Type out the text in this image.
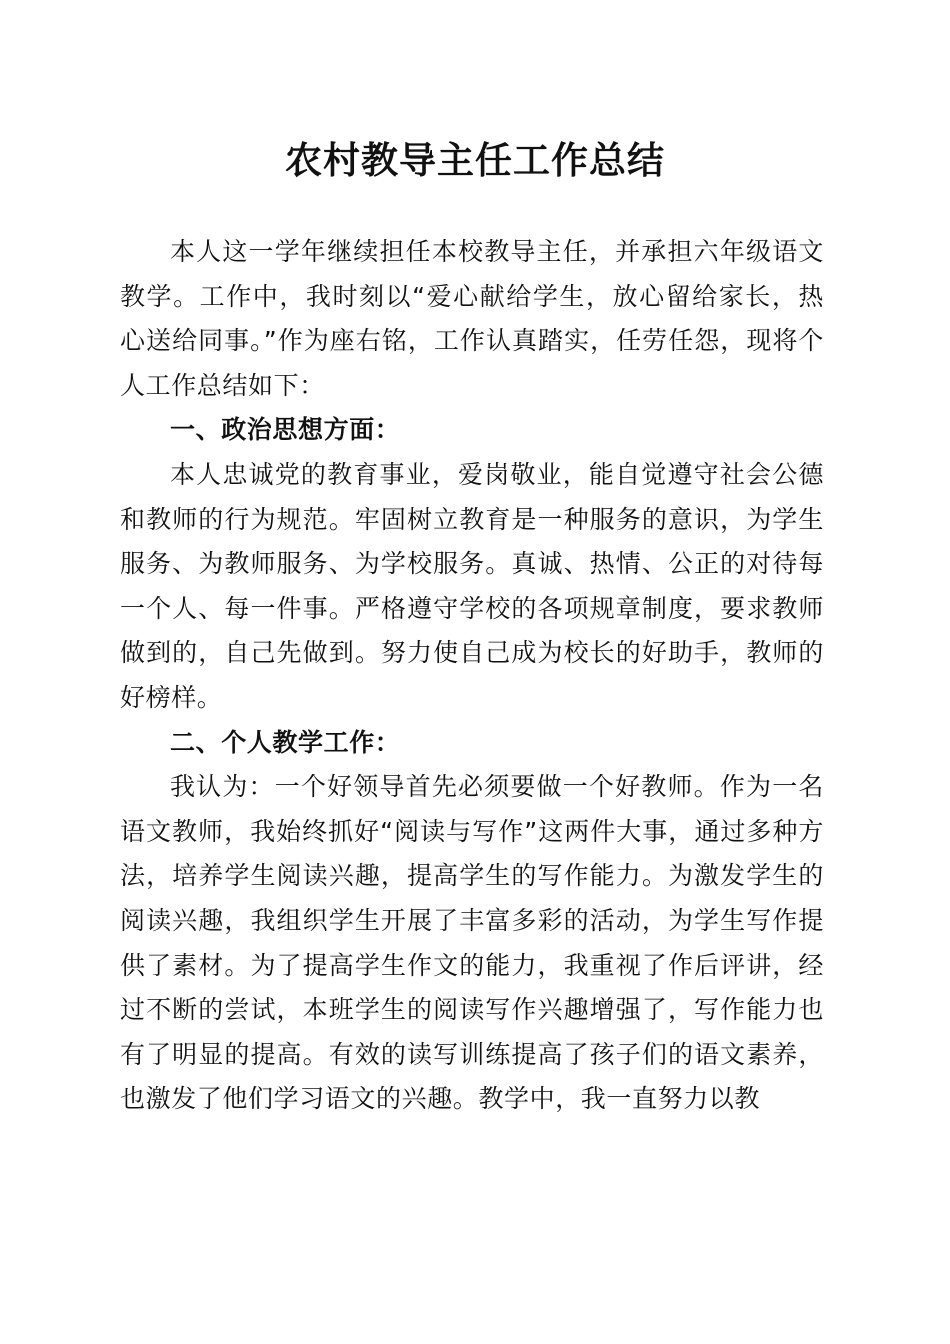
农村教导主任工作总结

本人这一学年继续担任本校教导主任，并承担六年级语文教学。工作中，我时刻以“爱心献给学生，放心留给家长，热心送给同事。”作为座右铭，工作认真踏实，任劳任怨，现将个人工作总结如下：

一、政治思想方面：

本人忠诚党的教育事业，爱岗敬业，能自觉遵守社会公德和教师的行为规范。牢固树立教育是一种服务的意识，为学生服务、为教师服务、为学校服务。真诚、热情、公正的对待每一个人、每一件事。严格遵守学校的各项规章制度，要求教师做到的，自己先做到。努力使自己成为校长的好助手，教师的好榜样。

二、个人教学工作：

我认为：一个好领导首先必须要做一个好教师。作为一名语文教师，我始终抓好“阅读与写作”这两件大事，通过多种方法，培养学生阅读兴趣，提高学生的写作能力。为激发学生的阅读兴趣，我组织学生开展了丰富多彩的活动，为学生写作提供了素材。为了提高学生作文的能力，我重视了作后评讲，经过不断的尝试，本班学生的阅读写作兴趣增强了，写作能力也有了明显的提高。有效的读写训练提高了孩子们的语文素养，也激发了他们学习语文的兴趣。教学中，我一直努力以教
